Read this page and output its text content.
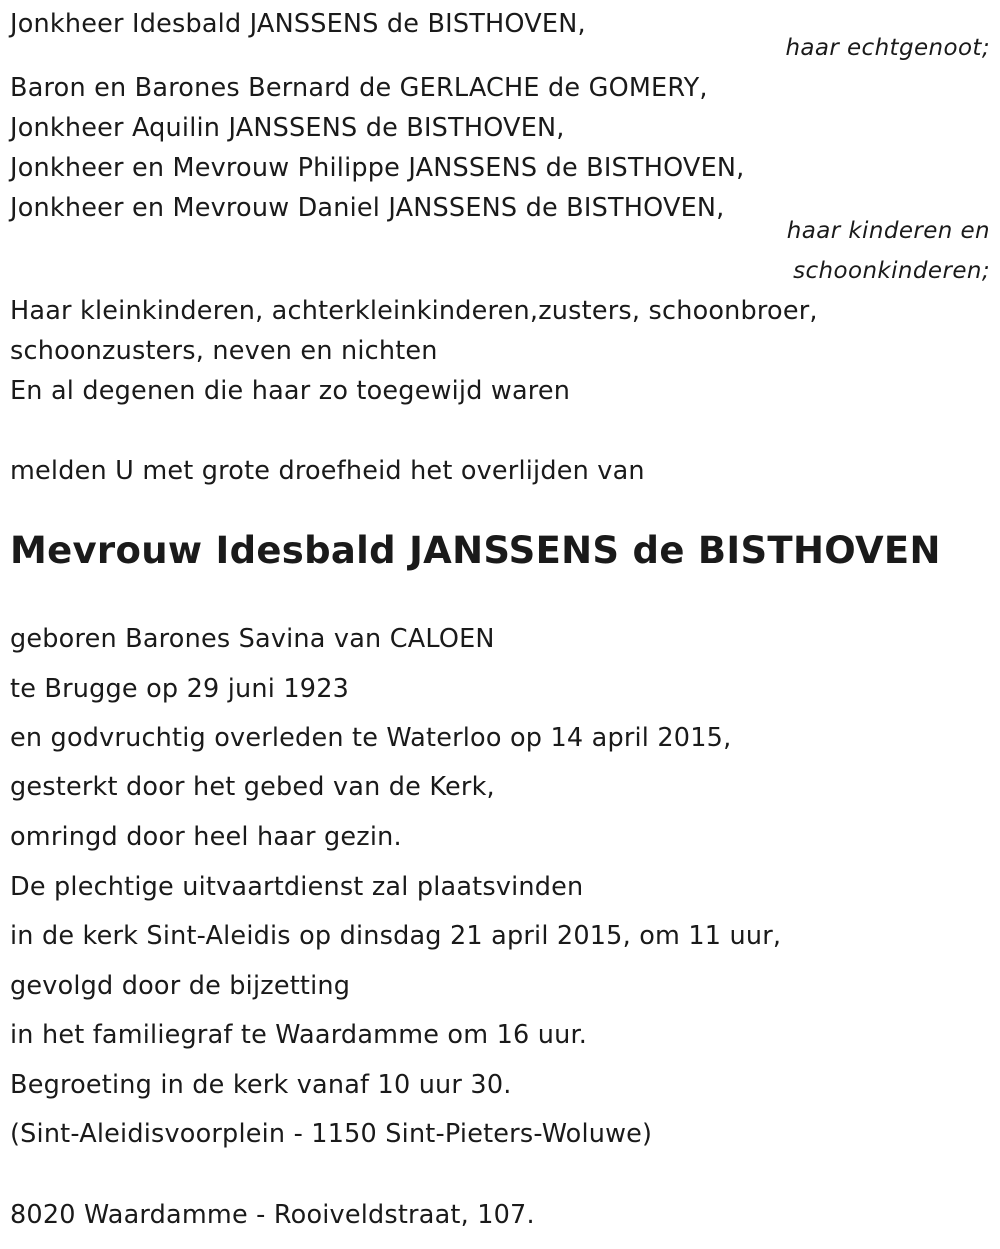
Jonkheer Idesbald JANSSENS de BISTHOVEN,
haar echtgenoot;
Baron en Barones Bernard de GERLACHE de GOMERY,
Jonkheer Aquilin JANSSENS de BISTHOVEN,
Jonkheer en Mevrouw Philippe JANSSENS de BISTHOVEN,
Jonkheer en Mevrouw Daniel JANSSENS de BISTHOVEN,
haar kinderen en
schoonkinderen;
Haar kleinkinderen, achterkleinkinderen,zusters, schoonbroer,
schoonzusters, neven en nichten
En al degenen die haar zo toegewijd waren
melden U met grote droefheid het overlijden van
Mevrouw Idesbald JANSSENS de BISTHOVEN
geboren Barones Savina van CALOEN
te Brugge op 29 juni 1923
en godvruchtig overleden te Waterloo op 14 april 2015,
gesterkt door het gebed van de Kerk,
omringd door heel haar gezin.
De plechtige uitvaartdienst zal plaatsvinden
in de kerk Sint-Aleidis op dinsdag 21 april 2015, om 11 uur,
gevolgd door de bijzetting
in het familiegraf te Waardamme om 16 uur.
Begroeting in de kerk vanaf 10 uur 30.
(Sint-Aleidisvoorplein - 1150 Sint-Pieters-Woluwe)
8020 Waardamme - Rooiveldstraat, 107.
